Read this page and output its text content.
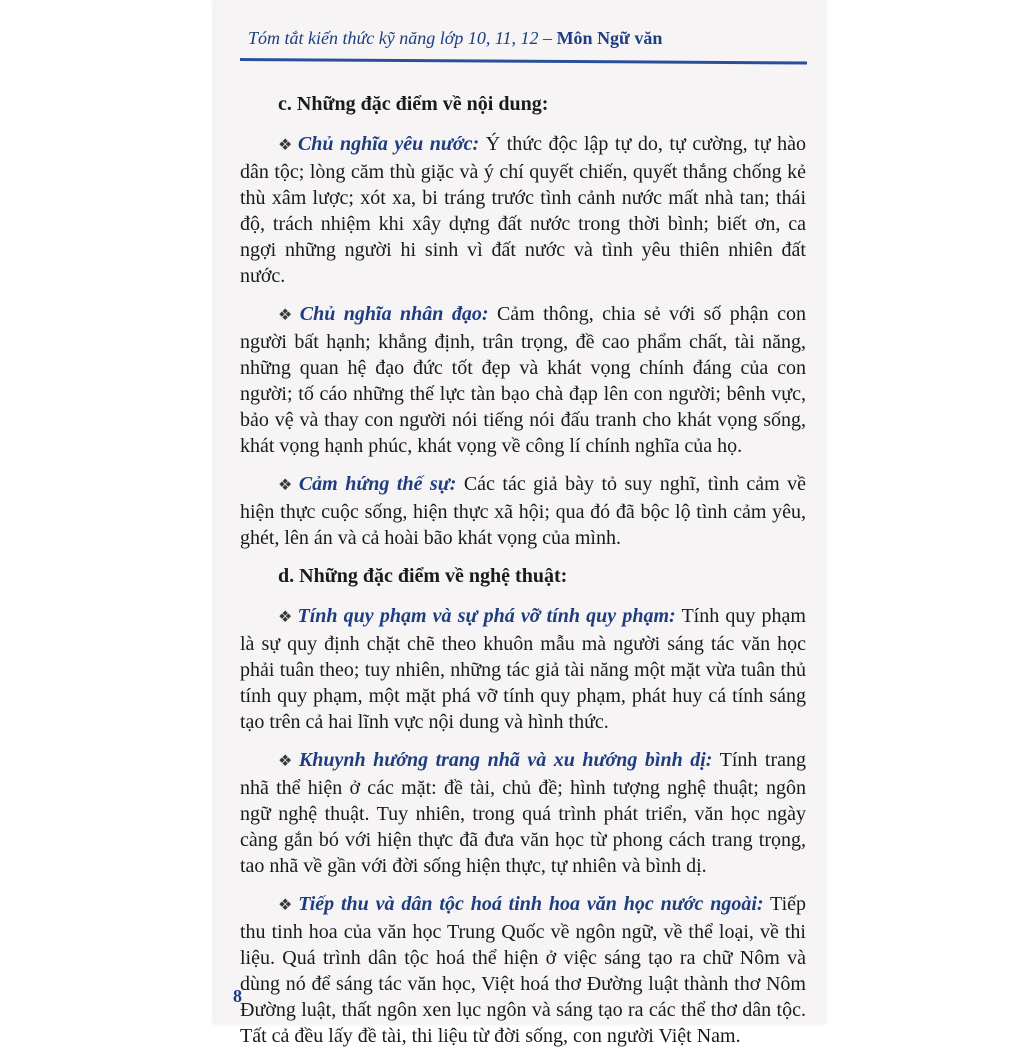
Tóm tắt kiến thức kỹ năng lớp 10, 11, 12 – Môn Ngữ văn
c. Những đặc điểm về nội dung:

❖ Chủ nghĩa yêu nước: Ý thức độc lập tự do, tự cường, tự hào dân tộc; lòng căm thù giặc và ý chí quyết chiến, quyết thắng chống kẻ thù xâm lược; xót xa, bi tráng trước tình cảnh nước mất nhà tan; thái độ, trách nhiệm khi xây dựng đất nước trong thời bình; biết ơn, ca ngợi những người hi sinh vì đất nước và tình yêu thiên nhiên đất nước.

❖ Chủ nghĩa nhân đạo: Cảm thông, chia sẻ với số phận con người bất hạnh; khẳng định, trân trọng, đề cao phẩm chất, tài năng, những quan hệ đạo đức tốt đẹp và khát vọng chính đáng của con người; tố cáo những thế lực tàn bạo chà đạp lên con người; bênh vực, bảo vệ và thay con người nói tiếng nói đấu tranh cho khát vọng sống, khát vọng hạnh phúc, khát vọng về công lí chính nghĩa của họ.

❖ Cảm hứng thế sự: Các tác giả bày tỏ suy nghĩ, tình cảm về hiện thực cuộc sống, hiện thực xã hội; qua đó đã bộc lộ tình cảm yêu, ghét, lên án và cả hoài bão khát vọng của mình.

d. Những đặc điểm về nghệ thuật:

❖ Tính quy phạm và sự phá vỡ tính quy phạm: Tính quy phạm là sự quy định chặt chẽ theo khuôn mẫu mà người sáng tác văn học phải tuân theo; tuy nhiên, những tác giả tài năng một mặt vừa tuân thủ tính quy phạm, một mặt phá vỡ tính quy phạm, phát huy cá tính sáng tạo trên cả hai lĩnh vực nội dung và hình thức.

❖ Khuynh hướng trang nhã và xu hướng bình dị: Tính trang nhã thể hiện ở các mặt: đề tài, chủ đề; hình tượng nghệ thuật; ngôn ngữ nghệ thuật. Tuy nhiên, trong quá trình phát triển, văn học ngày càng gắn bó với hiện thực đã đưa văn học từ phong cách trang trọng, tao nhã về gần với đời sống hiện thực, tự nhiên và bình dị.

❖ Tiếp thu và dân tộc hoá tinh hoa văn học nước ngoài: Tiếp thu tinh hoa của văn học Trung Quốc về ngôn ngữ, về thể loại, về thi liệu. Quá trình dân tộc hoá thể hiện ở việc sáng tạo ra chữ Nôm và dùng nó để sáng tác văn học, Việt hoá thơ Đường luật thành thơ Nôm Đường luật, thất ngôn xen lục ngôn và sáng tạo ra các thể thơ dân tộc. Tất cả đều lấy đề tài, thi liệu từ đời sống, con người Việt Nam.

8
